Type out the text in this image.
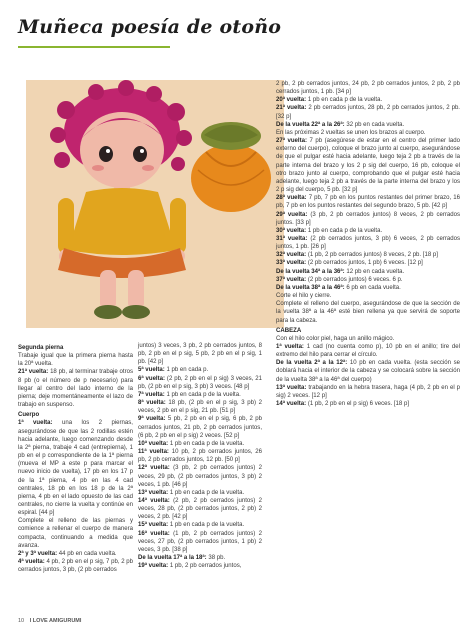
Muñeca poesía de otoño

Segunda pierna

Trabaje igual que la primera pierna hasta la 20ª vuelta.

21ª vuelta: 18 pb, al terminar trabaje otros 8 pb (o el número de p necesario) para llegar al centro del lado interno de la pierna; deje momentáneamente el lazo de trabajo en suspenso.

Cuerpo

1ª vuelta: una los 2 piernas, asegurándose de que las 2 rodillas estén hacia adelante, luego comenzando desde la 2ª pierna, trabaje 4 cad (entrepierna), 1 pb en el p correspondiente de la 1ª pierna (mueva el MP a este p para marcar el nuevo inicio de vuelta), 17 pb en los 17 p de la 1ª pierna, 4 pb en las 4 cad centrales, 18 pb en los 18 p de la 2ª pierna, 4 pb en el lado opuesto de las cad centrales, no cierre la vuelta y continúe en espiral. [44 p]

Complete el relleno de las piernas y comience a rellenar el cuerpo de manera compacta, continuando a medida que avanza.

2ª y 3ª vuelta: 44 pb en cada vuelta.

4ª vuelta: 4 pb, 2 pb en el p sig, 7 pb, 2 pb cerrados juntos, 3 pb, (2 pb cerrados

juntos) 3 veces, 3 pb, 2 pb cerrados juntos, 8 pb, 2 pb en el p sig, 5 pb, 2 pb en el p sig, 1 pb. [42 p]

5ª vuelta: 1 pb en cada p.

6ª vuelta: (2 pb, 2 pb en el p sig) 3 veces, 21 pb, (2 pb en el p sig, 3 pb) 3 veces. [48 p]

7ª vuelta: 1 pb en cada p de la vuelta.

8ª vuelta: 18 pb, (2 pb en el p sig, 3 pb) 2 veces, 2 pb en el p sig, 21 pb. [51 p]

9ª vuelta: 5 pb, 2 pb en el p sig, 6 pb, 2 pb cerrados juntos, 21 pb, 2 pb cerrados juntos, (6 pb, 2 pb en el p sig) 2 veces. [52 p]

10ª vuelta: 1 pb en cada p de la vuelta.

11ª vuelta: 10 pb, 2 pb cerrados juntos, 26 pb, 2 pb cerrados juntos, 12 pb. [50 p]

12ª vuelta: (3 pb, 2 pb cerrados juntos) 2 veces, 29 pb, (2 pb cerrados juntos, 3 pb) 2 veces, 1 pb. [46 p]

13ª vuelta: 1 pb en cada p de la vuelta.

14ª vuelta: (2 pb, 2 pb cerrados juntos) 2 veces, 28 pb, (2 pb cerrados juntos, 2 pb) 2 veces, 2 pb. [42 p]

15ª vuelta: 1 pb en cada p de la vuelta.

16ª vuelta: (1 pb, 2 pb cerrados juntos) 2 veces, 27 pb, (2 pb cerrados juntos, 1 pb) 2 veces, 3 pb. [38 p]

De la vuelta 17ª a la 18ª: 38 pb.

19ª vuelta: 1 pb, 2 pb cerrados juntos,

2 pb, 2 pb cerrados juntos, 24 pb, 2 pb cerrados juntos, 2 pb, 2 pb cerrados juntos, 1 pb. [34 p]

20ª vuelta: 1 pb en cada p de la vuelta.

21ª vuelta: 2 pb cerrados juntos, 28 pb, 2 pb cerrados juntos, 2 pb. [32 p]

De la vuelta 22ª a la 26ª: 32 pb en cada vuelta.

En las próximas 2 vueltas se unen los brazos al cuerpo.

27ª vuelta: 7 pb (asegúrese de estar en el centro del primer lado externo del cuerpo), coloque el brazo junto al cuerpo, asegurándose de que el pulgar esté hacia adelante, luego teja 2 pb a través de la parte interna del brazo y los 2 p sig del cuerpo, 16 pb, coloque el otro brazo junto al cuerpo, comprobando que el pulgar esté hacia adelante, luego teja 2 pb a través de la parte interna del brazo y los 2 p sig del cuerpo, 5 pb. [32 p]

28ª vuelta: 7 pb, 7 pb en los puntos restantes del primer brazo, 16 pb, 7 pb en los puntos restantes del segundo brazo, 5 pb. [42 p]

29ª vuelta: (3 pb, 2 pb cerrados juntos) 8 veces, 2 pb cerrados juntos. [33 p]

30ª vuelta: 1 pb en cada p de la vuelta.

31ª vuelta: (2 pb cerrados juntos, 3 pb) 6 veces, 2 pb cerrados juntos, 1 pb. [26 p]

32ª vuelta: (1 pb, 2 pb cerrados juntos) 8 veces, 2 pb. [18 p]

33ª vuelta: (2 pb cerrados juntos, 1 pb) 6 veces. [12 p]

De la vuelta 34ª a la 36ª: 12 pb en cada vuelta.

37ª vuelta: (2 pb cerrados juntos) 6 veces. 6 p.

De la vuelta 38ª a la 46ª: 6 pb en cada vuelta.

Corte el hilo y cierre.

Complete el relleno del cuerpo, asegurándose de que la sección de la vuelta 38ª a la 46ª esté bien rellena ya que servirá de soporte para la cabeza.

CABEZA

Con el hilo color piel, haga un anillo mágico.

1ª vuelta: 1 cad (no cuenta como p), 10 pb en el anillo; tire del extremo del hilo para cerrar el círculo.

De la vuelta 2ª a la 12ª: 10 pb en cada vuelta. (esta sección se doblará hacia el interior de la cabeza y se colocará sobre la sección de la vuelta 38ª a la 46ª del cuerpo)

13ª vuelta: trabajando en la hebra trasera, haga (4 pb, 2 pb en el p sig) 2 veces. [12 p]

14ª vuelta: (1 pb, 2 pb en el p sig) 6 veces. [18 p]

10 I LOVE AMIGURUMI
